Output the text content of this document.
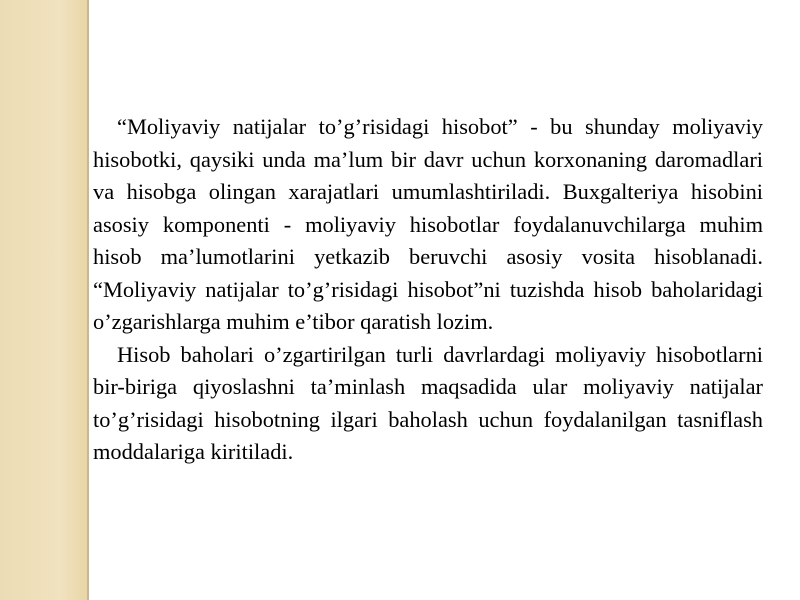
“Moliyaviy natijalar to’g’risidagi hisobot” - bu shunday moliyaviy hisobotki, qaysiki unda ma’lum bir davr uchun korxonaning daromadlari va hisobga olingan xarajatlari umumlashtiriladi. Buxgalteriya hisobini asosiy komponenti - moliyaviy hisobotlar foydalanuvchilarga muhim hisob ma’lumotlarini yetkazib beruvchi asosiy vosita hisoblanadi. “Moliyaviy natijalar to’g’risidagi hisobot”ni tuzishda hisob baholaridagi o’zgarishlarga muhim e’tibor qaratish lozim.

Hisob baholari o’zgartirilgan turli davrlardagi moliyaviy hisobotlarni bir-biriga qiyoslashni ta’minlash maqsadida ular moliyaviy natijalar to’g’risidagi hisobotning ilgari baholash uchun foydalanilgan tasniflash moddalariga kiritiladi.
